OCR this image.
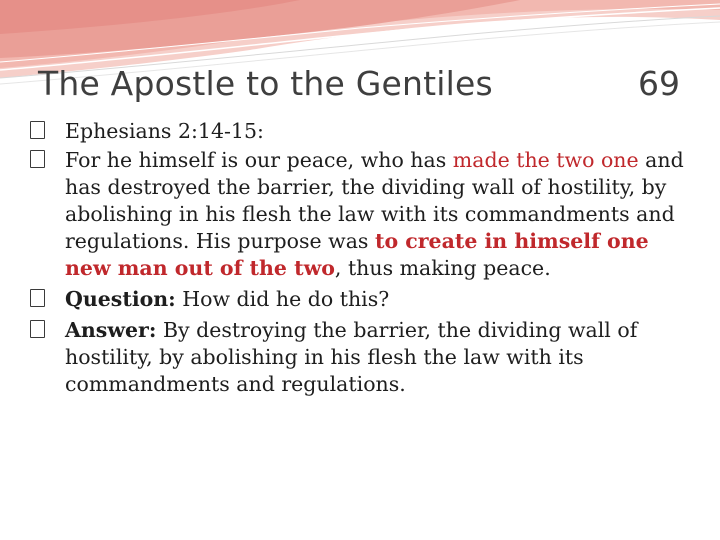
The Apostle to the Gentiles	69
Ephesians 2:14-15:
For he himself is our peace, who has made the two one and has destroyed the barrier, the dividing wall of hostility, by abolishing in his flesh the law with its commandments and regulations. His purpose was to create in himself one new man out of the two, thus making peace.
Question: How did he do this?
Answer: By destroying the barrier, the dividing wall of hostility, by abolishing in his flesh the law with its commandments and regulations.
